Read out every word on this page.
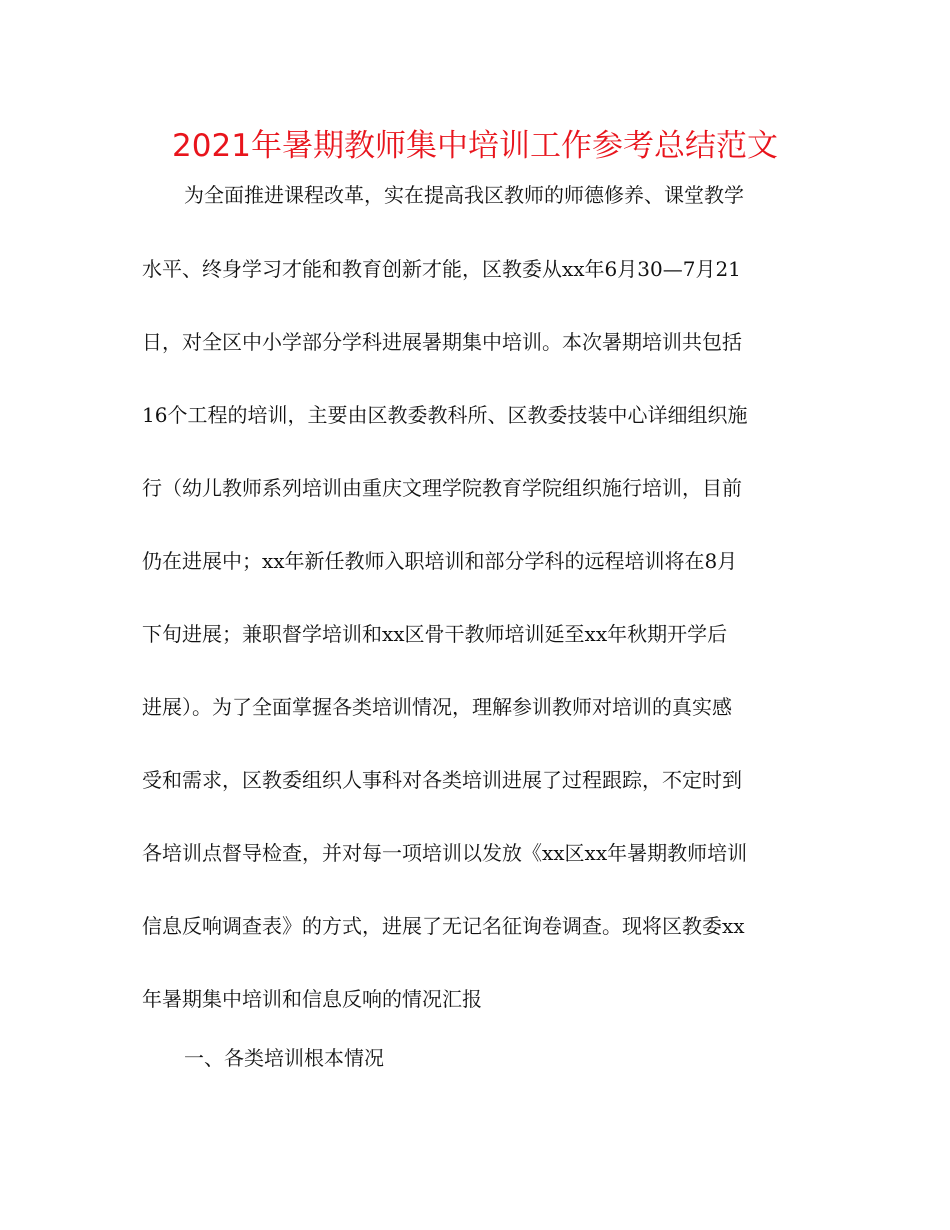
2021年暑期教师集中培训工作参考总结范文
为全面推进课程改革，实在提高我区教师的师德修养、课堂教学
水平、终身学习才能和教育创新才能，区教委从xx年6月30—7月21
日，对全区中小学部分学科进展暑期集中培训。本次暑期培训共包括
16个工程的培训，主要由区教委教科所、区教委技装中心详细组织施
行（幼儿教师系列培训由重庆文理学院教育学院组织施行培训，目前
仍在进展中；xx年新任教师入职培训和部分学科的远程培训将在8月
下旬进展；兼职督学培训和xx区骨干教师培训延至xx年秋期开学后
进展）。为了全面掌握各类培训情况，理解参训教师对培训的真实感
受和需求，区教委组织人事科对各类培训进展了过程跟踪，不定时到
各培训点督导检查，并对每一项培训以发放《xx区xx年暑期教师培训
信息反响调查表》的方式，进展了无记名征询卷调查。现将区教委xx
年暑期集中培训和信息反响的情况汇报
一、各类培训根本情况
